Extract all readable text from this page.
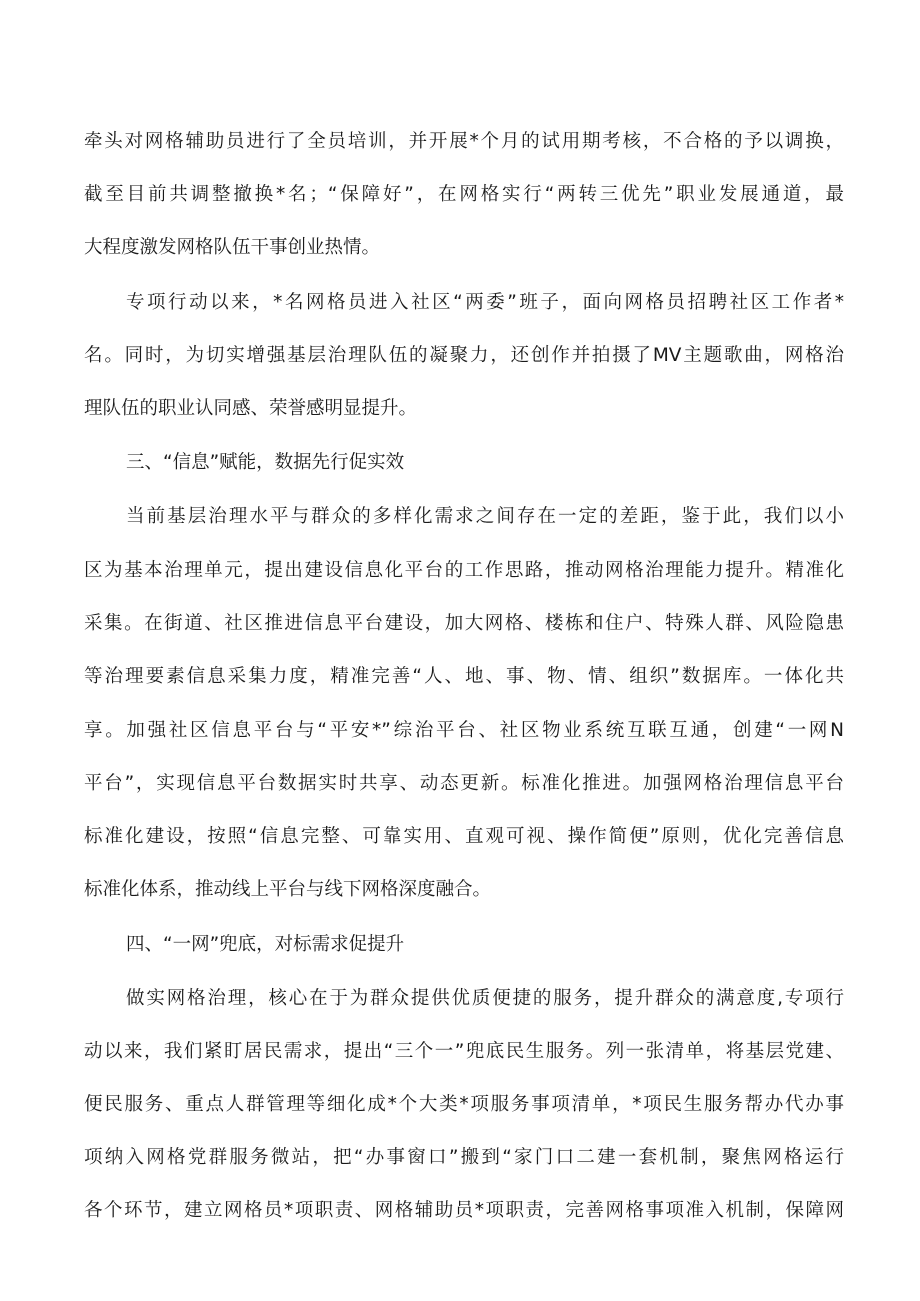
牵头对网格辅助员进行了全员培训，并开展*个月的试用期考核，不合格的予以调换，
截至目前共调整撤换*名；“保障好”，在网格实行“两转三优先”职业发展通道，最
大程度激发网格队伍干事创业热情。
专项行动以来，*名网格员进入社区“两委”班子，面向网格员招聘社区工作者*
名。同时，为切实增强基层治理队伍的凝聚力，还创作并拍摄了MV主题歌曲，网格治
理队伍的职业认同感、荣誉感明显提升。
三、“信息”赋能，数据先行促实效
当前基层治理水平与群众的多样化需求之间存在一定的差距，鉴于此，我们以小
区为基本治理单元，提出建设信息化平台的工作思路，推动网格治理能力提升。精准化
采集。在街道、社区推进信息平台建设，加大网格、楼栋和住户、特殊人群、风险隐患
等治理要素信息采集力度，精准完善“人、地、事、物、情、组织”数据库。一体化共
享。加强社区信息平台与“平安*”综治平台、社区物业系统互联互通，创建“一网N
平台”，实现信息平台数据实时共享、动态更新。标准化推进。加强网格治理信息平台
标准化建设，按照“信息完整、可靠实用、直观可视、操作简便”原则，优化完善信息
标准化体系，推动线上平台与线下网格深度融合。
四、“一网”兜底，对标需求促提升
做实网格治理，核心在于为群众提供优质便捷的服务，提升群众的满意度,专项行
动以来，我们紧盯居民需求，提出“三个一”兜底民生服务。列一张清单，将基层党建、
便民服务、重点人群管理等细化成*个大类*项服务事项清单，*项民生服务帮办代办事
项纳入网格党群服务微站，把“办事窗口”搬到“家门口二建一套机制，聚焦网格运行
各个环节，建立网格员*项职责、网格辅助员*项职责，完善网格事项准入机制，保障网
